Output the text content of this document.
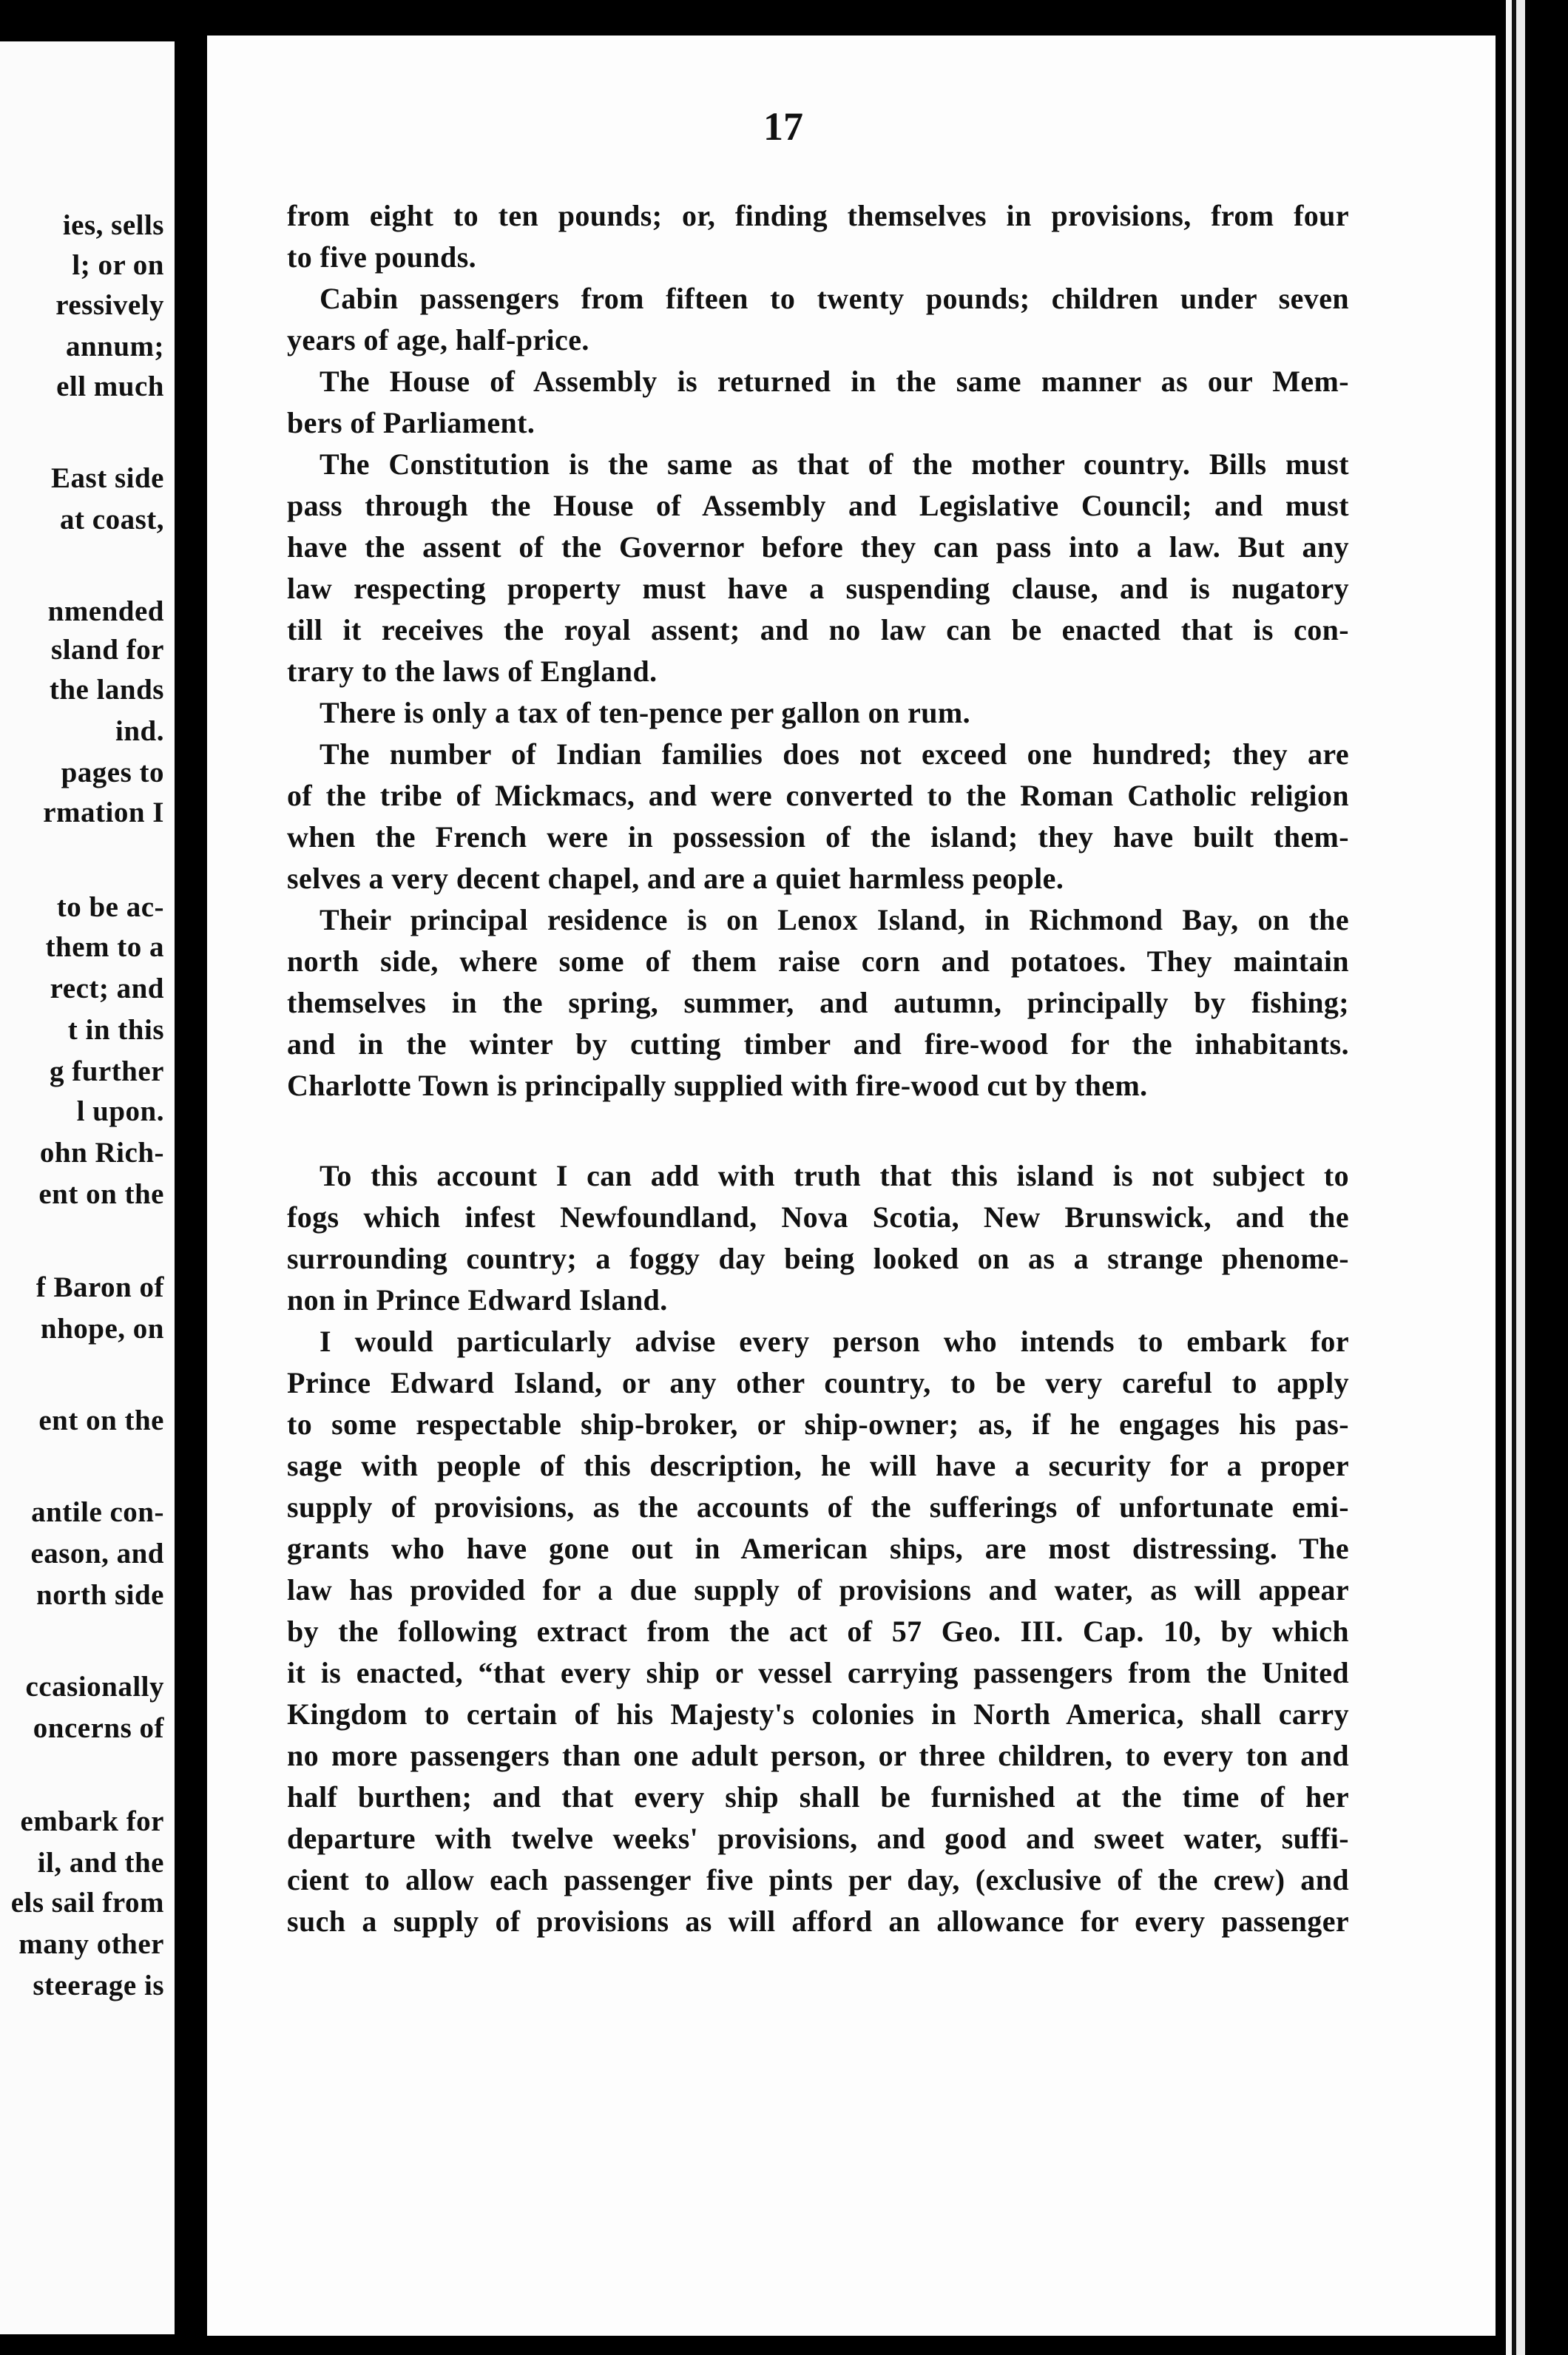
ies, sells
l; or on
ressively
annum;
ell much
East side
at coast,
nmended
sland for
the lands
ind.
pages to
rmation I
to be ac-
them to a
rect; and
t in this
g further
l upon.
ohn Rich-
ent on the
f Baron of
nhope, on
ent on the
antile con-
eason, and
north side
ccasionally
oncerns of
embark for
il, and the
els sail from
many other
steerage is
17
from eight to ten pounds; or, finding themselves in provisions, from four
to five pounds.
Cabin passengers from fifteen to twenty pounds; children under seven
years of age, half-price.
The House of Assembly is returned in the same manner as our Mem-
bers of Parliament.
The Constitution is the same as that of the mother country. Bills must
pass through the House of Assembly and Legislative Council; and must
have the assent of the Governor before they can pass into a law. But any
law respecting property must have a suspending clause, and is nugatory
till it receives the royal assent; and no law can be enacted that is con-
trary to the laws of England.
There is only a tax of ten-pence per gallon on rum.
The number of Indian families does not exceed one hundred; they are
of the tribe of Mickmacs, and were converted to the Roman Catholic religion
when the French were in possession of the island; they have built them-
selves a very decent chapel, and are a quiet harmless people.
Their principal residence is on Lenox Island, in Richmond Bay, on the
north side, where some of them raise corn and potatoes. They maintain
themselves in the spring, summer, and autumn, principally by fishing;
and in the winter by cutting timber and fire-wood for the inhabitants.
Charlotte Town is principally supplied with fire-wood cut by them.
To this account I can add with truth that this island is not subject to
fogs which infest Newfoundland, Nova Scotia, New Brunswick, and the
surrounding country; a foggy day being looked on as a strange phenome-
non in Prince Edward Island.
I would particularly advise every person who intends to embark for
Prince Edward Island, or any other country, to be very careful to apply
to some respectable ship-broker, or ship-owner; as, if he engages his pas-
sage with people of this description, he will have a security for a proper
supply of provisions, as the accounts of the sufferings of unfortunate emi-
grants who have gone out in American ships, are most distressing. The
law has provided for a due supply of provisions and water, as will appear
by the following extract from the act of 57 Geo. III. Cap. 10, by which
it is enacted, “that every ship or vessel carrying passengers from the United
Kingdom to certain of his Majesty's colonies in North America, shall carry
no more passengers than one adult person, or three children, to every ton and
half burthen; and that every ship shall be furnished at the time of her
departure with twelve weeks' provisions, and good and sweet water, suffi-
cient to allow each passenger five pints per day, (exclusive of the crew) and
such a supply of provisions as will afford an allowance for every passenger
